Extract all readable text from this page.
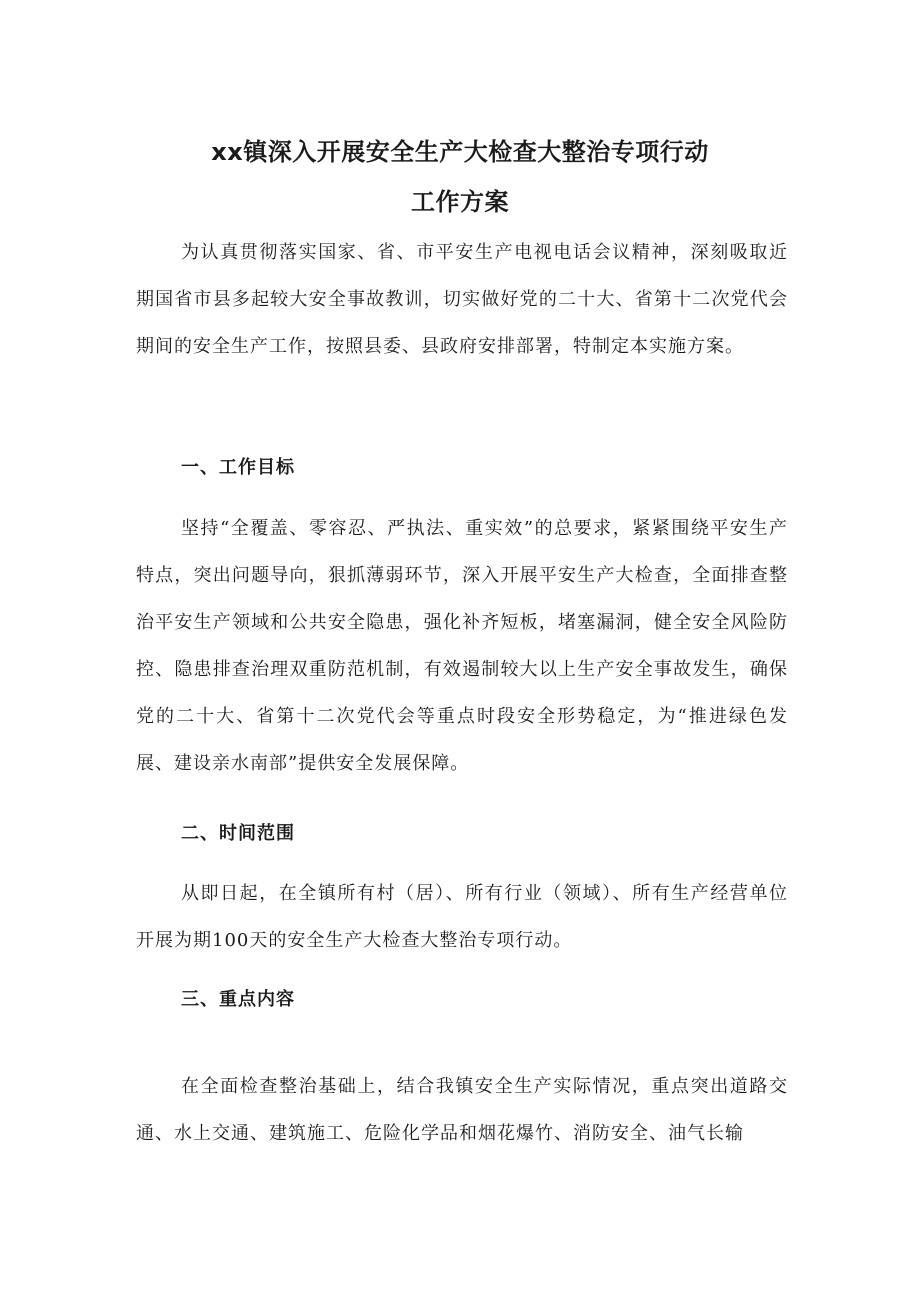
xx镇深入开展安全生产大检查大整治专项行动
工作方案

为认真贯彻落实国家、省、市平安生产电视电话会议精神，深刻吸取近期国省市县多起较大安全事故教训，切实做好党的二十大、省第十二次党代会期间的安全生产工作，按照县委、县政府安排部署，特制定本实施方案。

一、工作目标

坚持“全覆盖、零容忍、严执法、重实效”的总要求，紧紧围绕平安生产特点，突出问题导向，狠抓薄弱环节，深入开展平安生产大检查，全面排查整治平安生产领域和公共安全隐患，强化补齐短板，堵塞漏洞，健全安全风险防控、隐患排查治理双重防范机制，有效遏制较大以上生产安全事故发生，确保党的二十大、省第十二次党代会等重点时段安全形势稳定，为“推进绿色发展、建设亲水南部”提供安全发展保障。

二、时间范围

从即日起，在全镇所有村（居）、所有行业（领域）、所有生产经营单位开展为期100天的安全生产大检查大整治专项行动。

三、重点内容

在全面检查整治基础上，结合我镇安全生产实际情况，重点突出道路交通、水上交通、建筑施工、危险化学品和烟花爆竹、消防安全、油气长输
